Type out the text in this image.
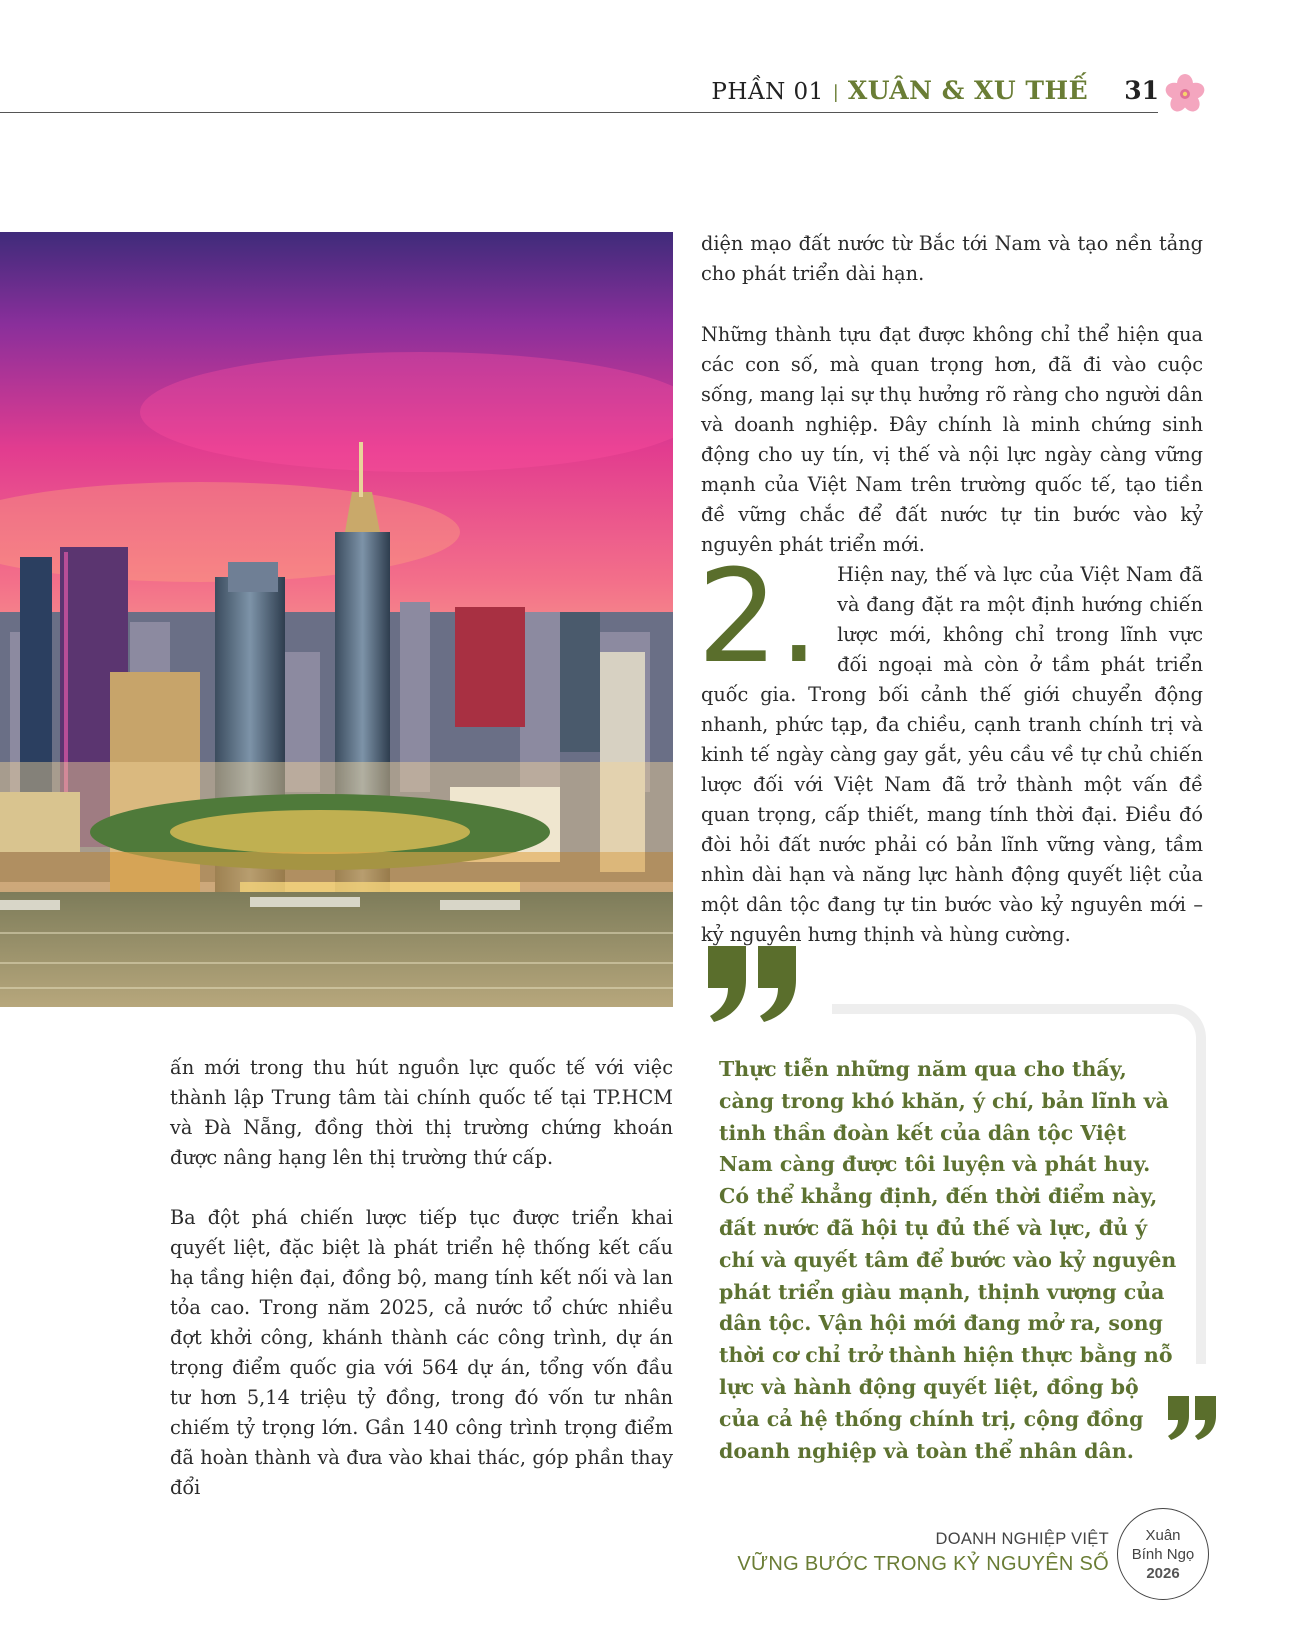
PHẦN 01 | XUÂN & XU THẾ 31

diện mạo đất nước từ Bắc tới Nam và tạo nền tảng cho phát triển dài hạn.

Những thành tựu đạt được không chỉ thể hiện qua các con số, mà quan trọng hơn, đã đi vào cuộc sống, mang lại sự thụ hưởng rõ ràng cho người dân và doanh nghiệp. Đây chính là minh chứng sinh động cho uy tín, vị thế và nội lực ngày càng vững mạnh của Việt Nam trên trường quốc tế, tạo tiền đề vững chắc để đất nước tự tin bước vào kỷ nguyên phát triển mới.

2. Hiện nay, thế và lực của Việt Nam đã và đang đặt ra một định hướng chiến lược mới, không chỉ trong lĩnh vực đối ngoại mà còn ở tầm phát triển quốc gia. Trong bối cảnh thế giới chuyển động nhanh, phức tạp, đa chiều, cạnh tranh chính trị và kinh tế ngày càng gay gắt, yêu cầu về tự chủ chiến lược đối với Việt Nam đã trở thành một vấn đề quan trọng, cấp thiết, mang tính thời đại. Điều đó đòi hỏi đất nước phải có bản lĩnh vững vàng, tầm nhìn dài hạn và năng lực hành động quyết liệt của một dân tộc đang tự tin bước vào kỷ nguyên mới – kỷ nguyên hưng thịnh và hùng cường.

ấn mới trong thu hút nguồn lực quốc tế với việc thành lập Trung tâm tài chính quốc tế tại TP.HCM và Đà Nẵng, đồng thời thị trường chứng khoán được nâng hạng lên thị trường thứ cấp.

Ba đột phá chiến lược tiếp tục được triển khai quyết liệt, đặc biệt là phát triển hệ thống kết cấu hạ tầng hiện đại, đồng bộ, mang tính kết nối và lan tỏa cao. Trong năm 2025, cả nước tổ chức nhiều đợt khởi công, khánh thành các công trình, dự án trọng điểm quốc gia với 564 dự án, tổng vốn đầu tư hơn 5,14 triệu tỷ đồng, trong đó vốn tư nhân chiếm tỷ trọng lớn. Gần 140 công trình trọng điểm đã hoàn thành và đưa vào khai thác, góp phần thay đổi

Thực tiễn những năm qua cho thấy, càng trong khó khăn, ý chí, bản lĩnh và tinh thần đoàn kết của dân tộc Việt Nam càng được tôi luyện và phát huy. Có thể khẳng định, đến thời điểm này, đất nước đã hội tụ đủ thế và lực, đủ ý chí và quyết tâm để bước vào kỷ nguyên phát triển giàu mạnh, thịnh vượng của dân tộc. Vận hội mới đang mở ra, song thời cơ chỉ trở thành hiện thực bằng nỗ lực và hành động quyết liệt, đồng bộ của cả hệ thống chính trị, cộng đồng doanh nghiệp và toàn thể nhân dân.
DOANH NGHIỆP VIỆT
VỮNG BƯỚC TRONG KỶ NGUYÊN SỐ
Xuân
Bính Ngọ
2026
